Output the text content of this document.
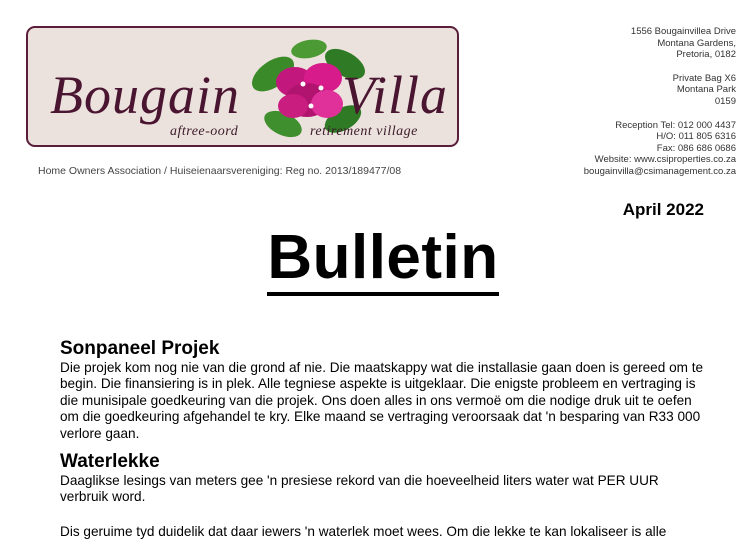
Bougain Villa
aftree-oord	retirement village
Home Owners Association / Huiseienaarsvereniging: Reg no. 2013/189477/08
1556 Bougainvillea Drive
Montana Gardens,
Pretoria, 0182
Private Bag X6
Montana Park
0159
Reception Tel: 012 000 4437
H/O: 011 805 6316
Fax: 086 686 0686
Website: www.csiproperties.co.za
bougainvilla@csimanagement.co.za
April 2022
Bulletin
Sonpaneel Projek

Die projek kom nog nie van die grond af nie. Die maatskappy wat die installasie gaan doen is gereed om te begin. Die finansiering is in plek. Alle tegniese aspekte is uitgeklaar. Die enigste probleem en vertraging is die munisipale goedkeuring van die projek. Ons doen alles in ons vermoë om die nodige druk uit te oefen om die goedkeuring afgehandel te kry. Elke maand se vertraging veroorsaak dat 'n besparing van R33 000 verlore gaan.

Waterlekke

Daaglikse lesings van meters gee 'n presiese rekord van die hoeveelheid liters water wat PER UUR verbruik word.

Dis geruime tyd duidelik dat daar iewers 'n waterlek moet wees. Om die lekke te kan lokaliseer is alle
